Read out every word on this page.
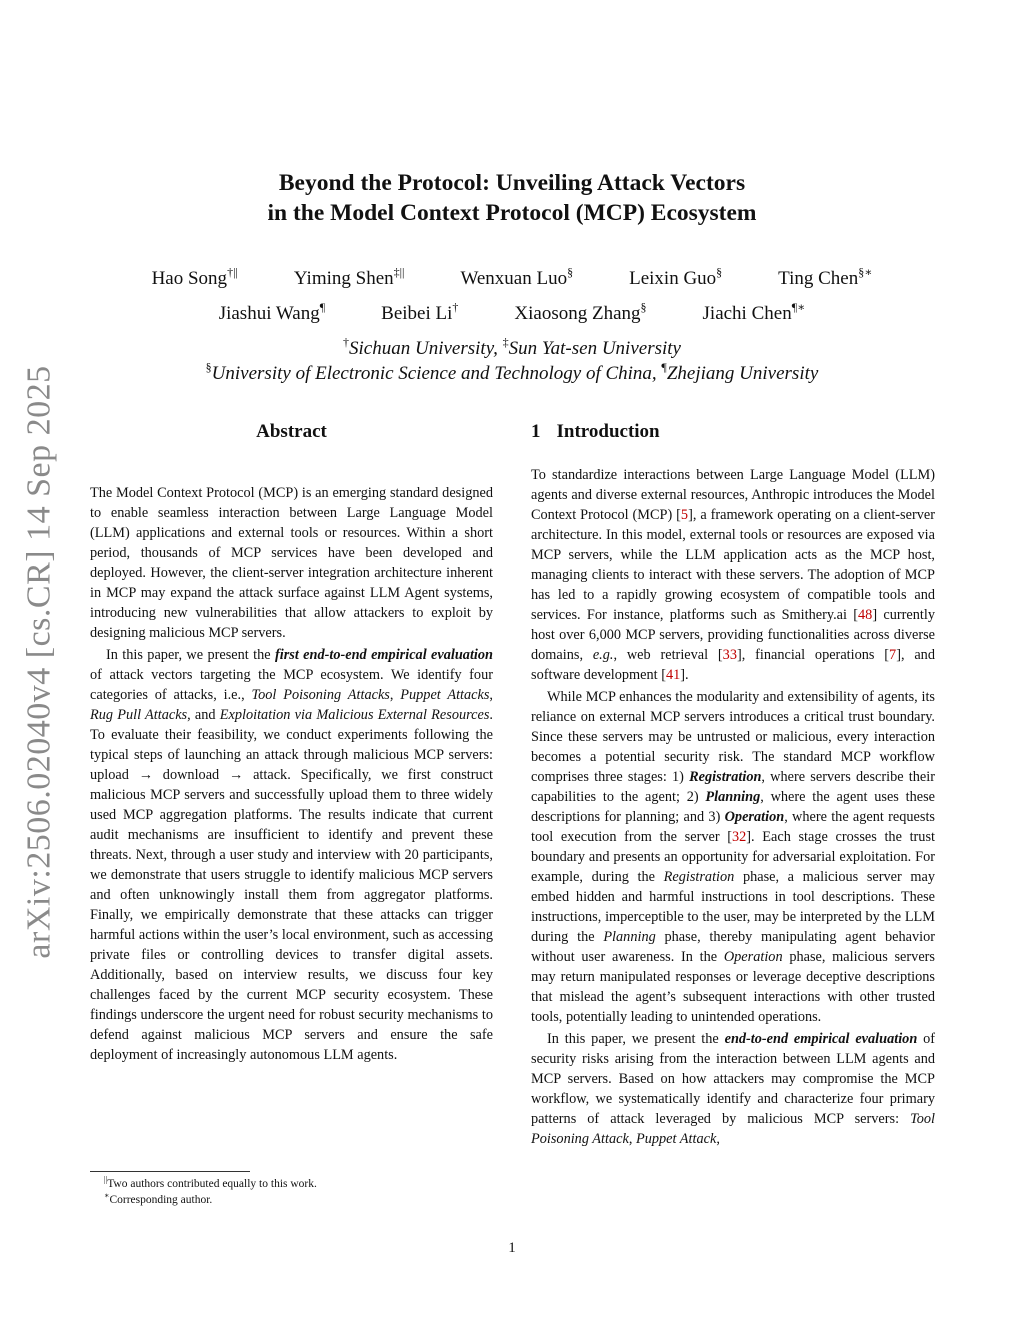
arXiv:2506.02040v4 [cs.CR] 14 Sep 2025
Beyond the Protocol: Unveiling Attack Vectors
in the Model Context Protocol (MCP) Ecosystem
Hao Song†||	Yiming Shen‡||	Wenxuan Luo§	Leixin Guo§	Ting Chen§∗
Jiashui Wang¶	Beibei Li†	Xiaosong Zhang§	Jiachi Chen¶∗
†Sichuan University, ‡Sun Yat-sen University
§University of Electronic Science and Technology of China, ¶Zhejiang University
Abstract	1 Introduction

The Model Context Protocol (MCP) is an emerging standard designed to enable seamless interaction between Large Language Model (LLM) applications and external tools or resources. Within a short period, thousands of MCP services have been developed and deployed. However, the client-server integration architecture inherent in MCP may expand the attack surface against LLM Agent systems, introducing new vulnerabilities that allow attackers to exploit by designing malicious MCP servers.

In this paper, we present the first end-to-end empirical evaluation of attack vectors targeting the MCP ecosystem. We identify four categories of attacks, i.e., Tool Poisoning Attacks, Puppet Attacks, Rug Pull Attacks, and Exploitation via Malicious External Resources. To evaluate their feasibility, we conduct experiments following the typical steps of launching an attack through malicious MCP servers: upload → download → attack. Specifically, we first construct malicious MCP servers and successfully upload them to three widely used MCP aggregation platforms. The results indicate that current audit mechanisms are insufficient to identify and prevent these threats. Next, through a user study and interview with 20 participants, we demonstrate that users struggle to identify malicious MCP servers and often unknowingly install them from aggregator platforms. Finally, we empirically demonstrate that these attacks can trigger harmful actions within the user’s local environment, such as accessing private files or controlling devices to transfer digital assets. Additionally, based on interview results, we discuss four key challenges faced by the current MCP security ecosystem. These findings underscore the urgent need for robust security mechanisms to defend against malicious MCP servers and ensure the safe deployment of increasingly autonomous LLM agents.

To standardize interactions between Large Language Model (LLM) agents and diverse external resources, Anthropic introduces the Model Context Protocol (MCP) [5], a framework operating on a client-server architecture. In this model, external tools or resources are exposed via MCP servers, while the LLM application acts as the MCP host, managing clients to interact with these servers. The adoption of MCP has led to a rapidly growing ecosystem of compatible tools and services. For instance, platforms such as Smithery.ai [48] currently host over 6,000 MCP servers, providing functionalities across diverse domains, e.g., web retrieval [33], financial operations [7], and software development [41].

While MCP enhances the modularity and extensibility of agents, its reliance on external MCP servers introduces a critical trust boundary. Since these servers may be untrusted or malicious, every interaction becomes a potential security risk. The standard MCP workflow comprises three stages: 1) Registration, where servers describe their capabilities to the agent; 2) Planning, where the agent uses these descriptions for planning; and 3) Operation, where the agent requests tool execution from the server [32]. Each stage crosses the trust boundary and presents an opportunity for adversarial exploitation. For example, during the Registration phase, a malicious server may embed hidden and harmful instructions in tool descriptions. These instructions, imperceptible to the user, may be interpreted by the LLM during the Planning phase, thereby manipulating agent behavior without user awareness. In the Operation phase, malicious servers may return manipulated responses or leverage deceptive descriptions that mislead the agent’s subsequent interactions with other trusted tools, potentially leading to unintended operations.

In this paper, we present the end-to-end empirical evaluation of security risks arising from the interaction between LLM agents and MCP servers. Based on how attackers may compromise the MCP workflow, we systematically identify and characterize four primary patterns of attack leveraged by malicious MCP servers: Tool Poisoning Attack, Puppet Attack,

||Two authors contributed equally to this work.
∗Corresponding author.
1
